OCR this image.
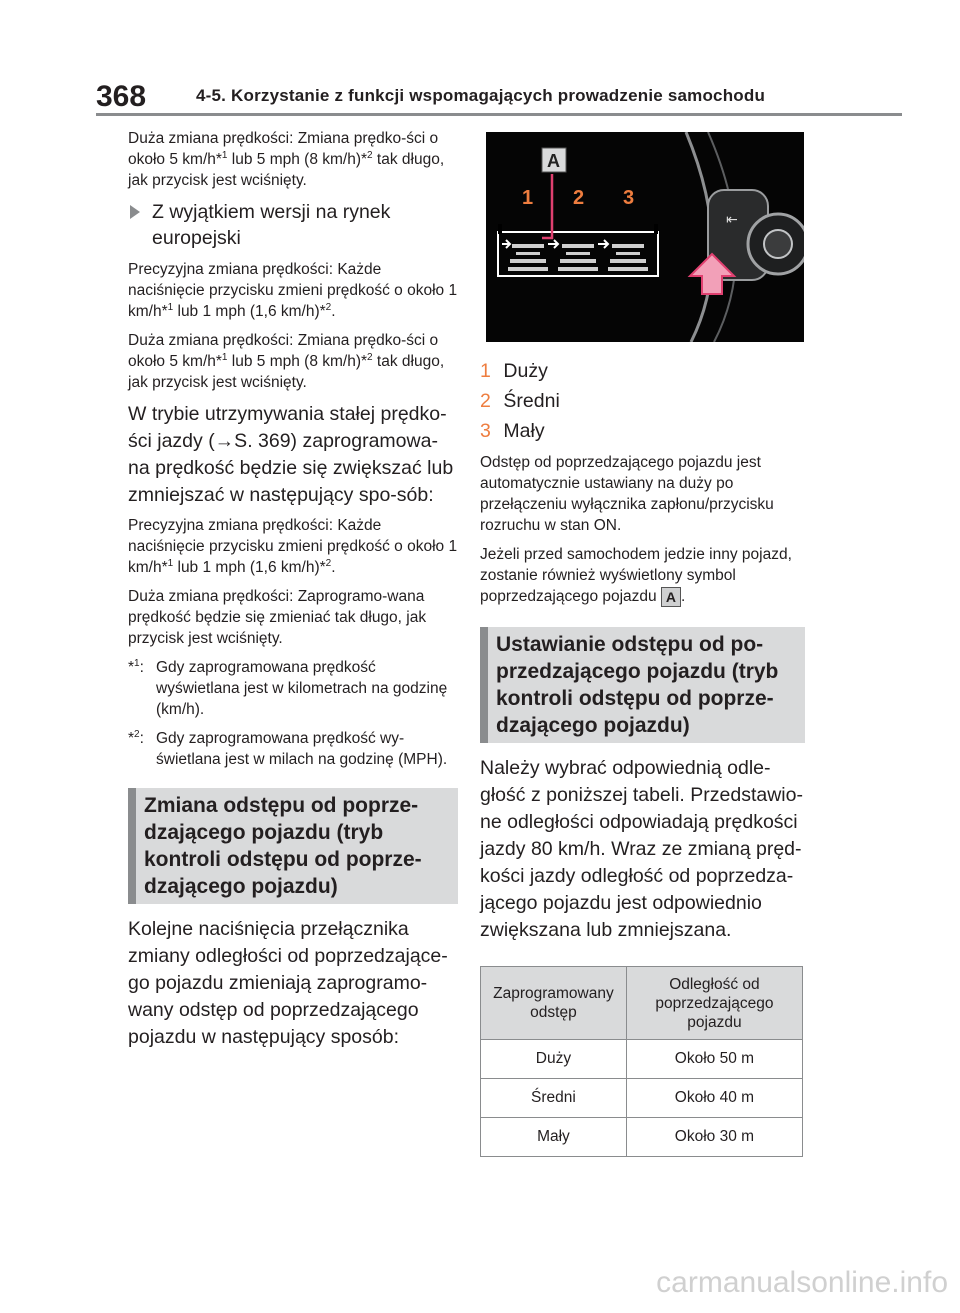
368	4-5. Korzystanie z funkcji wspomagających prowadzenie samochodu

Duża zmiana prędkości: Zmiana prędko-ści o około 5 km/h*$^1$ lub 5 mph (8 km/h)*$^2$ tak długo, jak przycisk jest wciśnięty.

Z wyjątkiem wersji na rynek europejski

Precyzyjna zmiana prędkości: Każde naciśnięcie przycisku zmieni prędkość o około 1 km/h*$^1$ lub 1 mph (1,6 km/h)*$^2$.

Duża zmiana prędkości: Zmiana prędko-ści o około 5 km/h*$^1$ lub 5 mph (8 km/h)*$^2$ tak długo, jak przycisk jest wciśnięty.

W trybie utrzymywania stałej prędko-ści jazdy (→S. 369) zaprogramowa-na prędkość będzie się zwiększać lub zmniejszać w następujący spo-sób:

Precyzyjna zmiana prędkości: Każde naciśnięcie przycisku zmieni prędkość o około 1 km/h*$^1$ lub 1 mph (1,6 km/h)*$^2$.

Duża zmiana prędkości: Zaprogramo-wana prędkość będzie się zmieniać tak długo, jak przycisk jest wciśnięty.

*$^1$: Gdy zaprogramowana prędkość wyświetlana jest w kilometrach na godzinę (km/h).
*$^2$: Gdy zaprogramowana prędkość wy-świetlana jest w milach na godzinę (MPH).
Zmiana odstępu od poprze-dzającego pojazdu (tryb kontroli odstępu od poprze-dzającego pojazdu)

Kolejne naciśnięcia przełącznika zmiany odległości od poprzedzające-go pojazdu zmieniają zaprogramo-wany odstęp od poprzedzającego pojazdu w następujący sposób:

⇤
A
1 2 3
1 Duży
2 Średni
3 Mały

Odstęp od poprzedzającego pojazdu jest automatycznie ustawiany na duży po przełączeniu wyłącznika zapłonu/przycisku rozruchu w stan ON.

Jeżeli przed samochodem jedzie inny pojazd, zostanie również wyświetlony symbol poprzedzającego pojazdu A .

Ustawianie odstępu od po-przedzającego pojazdu (tryb kontroli odstępu od poprze-dzającego pojazdu)

Należy wybrać odpowiednią odle-głość z poniższej tabeli. Przedstawio-ne odległości odpowiadają prędkości jazdy 80 km/h. Wraz ze zmianą pręd-kości jazdy odległość od poprzedza-jącego pojazdu jest odpowiednio zwiększana lub zmniejszana.

Zaprogramowany odstęp	Odległość od poprzedzającego pojazdu
Duży	Około 50 m
Średni	Około 40 m
Mały	Około 30 m
carmanualsonline.info
